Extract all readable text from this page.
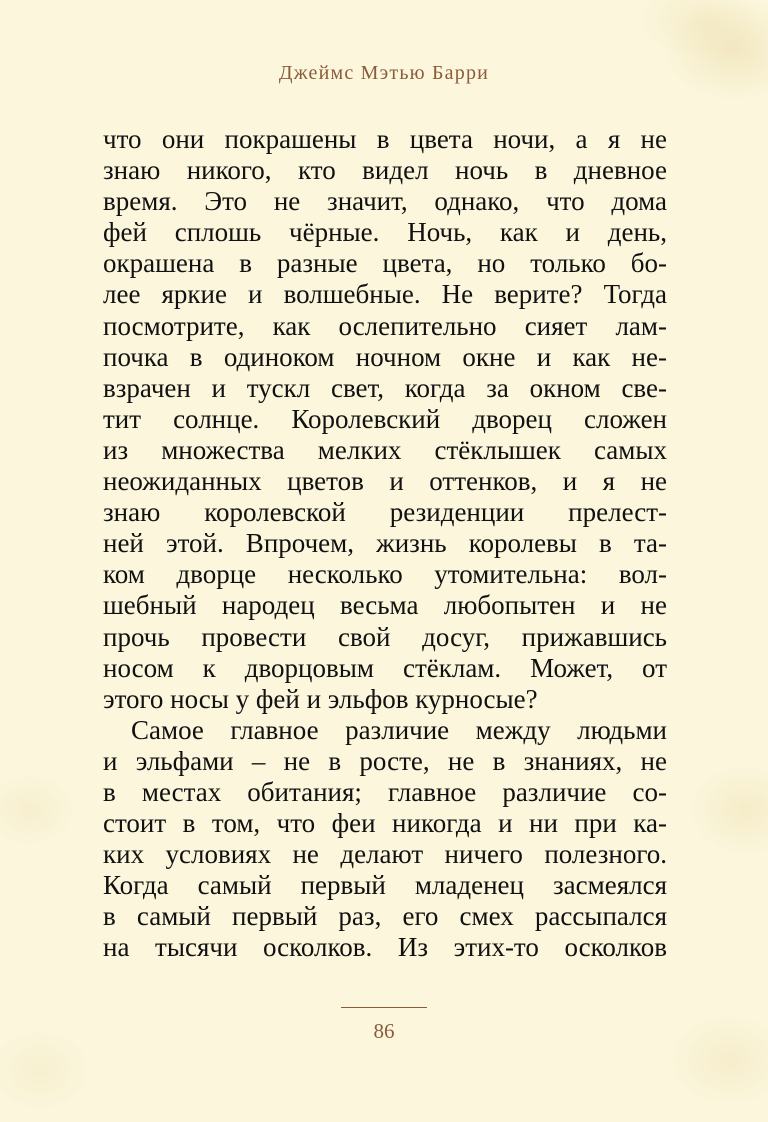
Джеймс Мэтью Барри
что они покрашены в цвета ночи, а я не
знаю никого, кто видел ночь в дневное
время. Это не значит, однако, что дома
фей сплошь чёрные. Ночь, как и день,
окрашена в разные цвета, но только бо-
лее яркие и волшебные. Не верите? Тогда
посмотрите, как ослепительно сияет лам-
почка в одиноком ночном окне и как не-
взрачен и тускл свет, когда за окном све-
тит солнце. Королевский дворец сложен
из множества мелких стёклышек самых
неожиданных цветов и оттенков, и я не
знаю королевской резиденции прелест-
ней этой. Впрочем, жизнь королевы в та-
ком дворце несколько утомительна: вол-
шебный народец весьма любопытен и не
прочь провести свой досуг, прижавшись
носом к дворцовым стёклам. Может, от
этого носы у фей и эльфов курносые?
Самое главное различие между людьми
и эльфами – не в росте, не в знаниях, не
в местах обитания; главное различие со-
стоит в том, что феи никогда и ни при ка-
ких условиях не делают ничего полезного.
Когда самый первый младенец засмеялся
в самый первый раз, его смех рассыпался
на тысячи осколков. Из этих-то осколков
86
